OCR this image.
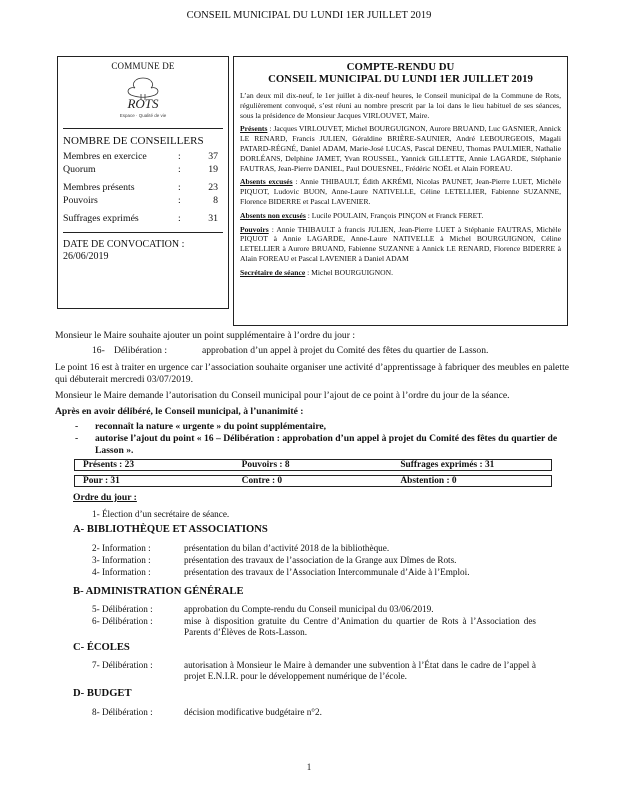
CONSEIL MUNICIPAL DU LUNDI 1ER JUILLET 2019
COMMUNE DE
ROTS
Espace · Qualité de vie
NOMBRE DE CONSEILLERS
Membres en exercice	:	37
Quorum	:	19
Membres présents	:	23
Pouvoirs	:	8
Suffrages exprimés	:	31
DATE DE CONVOCATION :
26/06/2019
COMPTE-RENDU DU
CONSEIL MUNICIPAL DU LUNDI 1ER JUILLET 2019
L’an deux mil dix-neuf, le 1er juillet à dix-neuf heures, le Conseil municipal de la Commune de Rots, régulièrement convoqué, s’est réuni au nombre prescrit par la loi dans le lieu habituel de ses séances, sous la présidence de Monsieur Jacques VIRLOUVET, Maire.
Présents : Jacques VIRLOUVET, Michel BOURGUIGNON, Aurore BRUAND, Luc GASNIER, Annick LE RENARD, Francis JULIEN, Géraldine BRIÈRE-SAUNIER, André LEBOURGEOIS, Magali PATARD-RÉGNÉ, Daniel ADAM, Marie-José LUCAS, Pascal DENEU, Thomas PAULMIER, Nathalie DORLÉANS, Delphine JAMET, Yvan ROUSSEL, Yannick GILLETTE, Annie LAGARDE, Stéphanie FAUTRAS, Jean-Pierre DANIEL, Paul DOUESNEL, Frédéric NOËL et Alain FOREAU.
Absents excusés : Annie THIBAULT, Édith AKRÉMI, Nicolas PAUNET, Jean-Pierre LUET, Michèle PIQUOT, Ludovic BUON, Anne-Laure NATIVELLE, Céline LETELLIER, Fabienne SUZANNE, Florence BIDERRE et Pascal LAVENIER.
Absents non excusés : Lucile POULAIN, François PINÇON et Franck FERET.
Pouvoirs : Annie THIBAULT à francis JULIEN, Jean-Pierre LUET à Stéphanie FAUTRAS, Michèle PIQUOT à Annie LAGARDE, Anne-Laure NATIVELLE à Michel BOURGUIGNON, Céline LETELLIER à Aurore BRUAND, Fabienne SUZANNE à Annick LE RENARD, Florence BIDERRE à Alain FOREAU et Pascal LAVENIER à Daniel ADAM
Secrétaire de séance : Michel BOURGUIGNON.
Monsieur le Maire souhaite ajouter un point supplémentaire à l’ordre du jour :
16- Délibération :	approbation d’un appel à projet du Comité des fêtes du quartier de Lasson.
Le point 16 est à traiter en urgence car l’association souhaite organiser une activité d’apprentissage à fabriquer des meubles en palette qui débuterait mercredi 03/07/2019.
Monsieur le Maire demande l’autorisation du Conseil municipal pour l’ajout de ce point à l’ordre du jour de la séance.
Après en avoir délibéré, le Conseil municipal, à l’unanimité :
-	reconnaît la nature « urgente » du point supplémentaire,
-	autorise l’ajout du point « 16 – Délibération : approbation d’un appel à projet du Comité des fêtes du quartier de Lasson ».
Présents : 23	Pouvoirs : 8	Suffrages exprimés : 31
Pour : 31	Contre : 0	Abstention : 0
Ordre du jour :
1- Élection d’un secrétaire de séance.
A- BIBLIOTHÈQUE ET ASSOCIATIONS
2- Information :	présentation du bilan d’activité 2018 de la bibliothèque.
3- Information :	présentation des travaux de l’association de la Grange aux Dîmes de Rots.
4- Information :	présentation des travaux de l’Association Intercommunale d’Aide à l’Emploi.
B- ADMINISTRATION GÉNÉRALE
5- Délibération :	approbation du Compte-rendu du Conseil municipal du 03/06/2019.
6- Délibération :	mise à disposition gratuite du Centre d’Animation du quartier de Rots à l’Association des Parents d’Élèves de Rots-Lasson.
C- ÉCOLES
7- Délibération :	autorisation à Monsieur le Maire à demander une subvention à l’État dans le cadre de l’appel à projet E.N.I.R. pour le développement numérique de l’école.
D- BUDGET
8- Délibération :	décision modificative budgétaire n°2.
1
